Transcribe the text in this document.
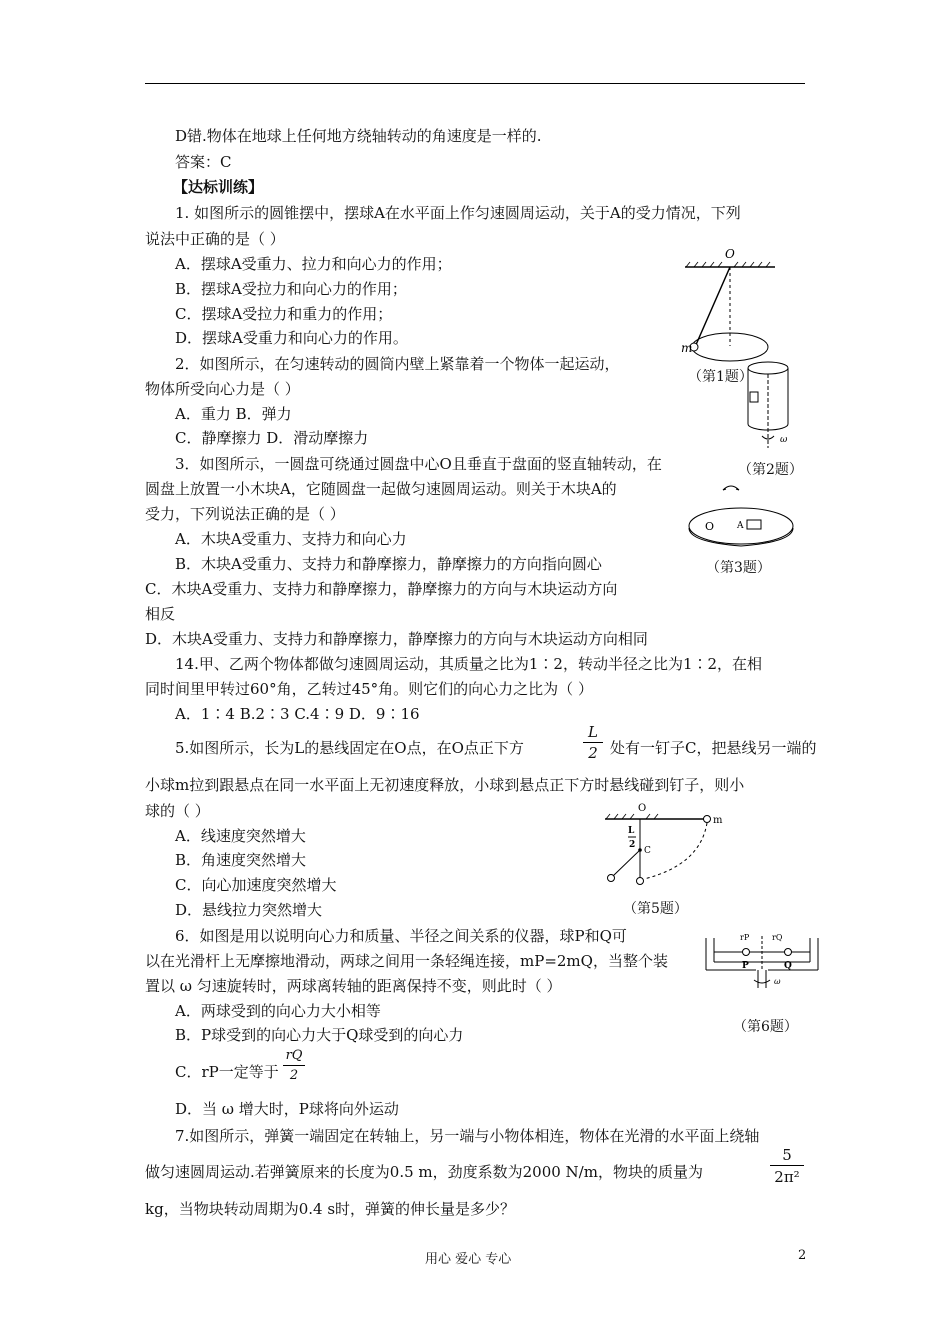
D错.物体在地球上任何地方绕轴转动的角速度是一样的.
答案：C
【达标训练】
1. 如图所示的圆锥摆中，摆球A在水平面上作匀速圆周运动，关于A的受力情况，下列
说法中正确的是（ ）
A．摆球A受重力、拉力和向心力的作用；
B．摆球A受拉力和向心力的作用；
C．摆球A受拉力和重力的作用；
D．摆球A受重力和向心力的作用。
2．如图所示，在匀速转动的圆筒内壁上紧靠着一个物体一起运动，
物体所受向心力是（ ）
A．重力 B．弹力
C．静摩擦力 D．滑动摩擦力
3．如图所示，一圆盘可绕通过圆盘中心O且垂直于盘面的竖直轴转动，在
圆盘上放置一小木块A，它随圆盘一起做匀速圆周运动。则关于木块A的
受力，下列说法正确的是（ ）
A．木块A受重力、支持力和向心力
B．木块A受重力、支持力和静摩擦力，静摩擦力的方向指向圆心
C．木块A受重力、支持力和静摩擦力，静摩擦力的方向与木块运动方向
相反
D．木块A受重力、支持力和静摩擦力，静摩擦力的方向与木块运动方向相同
14.甲、乙两个物体都做匀速圆周运动，其质量之比为1∶2，转动半径之比为1∶2，在相
同时间里甲转过60°角，乙转过45°角。则它们的向心力之比为（ ）
A．1∶4 B.2∶3 C.4∶9 D．9∶16
5.如图所示，长为L的悬线固定在O点，在O点正下方	$\frac{L}{2}$ 处有一钉子C，把悬线另一端的
小球m拉到跟悬点在同一水平面上无初速度释放，小球到悬点正下方时悬线碰到钉子，则小
球的（ ）
A．线速度突然增大
B．角速度突然增大
C．向心加速度突然增大
D．悬线拉力突然增大
6．如图是用以说明向心力和质量、半径之间关系的仪器，球P和Q可
以在光滑杆上无摩擦地滑动，两球之间用一条轻绳连接，mP=2mQ，当整个装
置以 ω 匀速旋转时，两球离转轴的距离保持不变，则此时（ ）
A．两球受到的向心力大小相等
B．P球受到的向心力大于Q球受到的向心力
C．rP一定等于 $\frac{rQ}{2}$
D．当 ω 增大时，P球将向外运动
7.如图所示，弹簧一端固定在转轴上，另一端与小物体相连，物体在光滑的水平面上绕轴
做匀速圆周运动.若弹簧原来的长度为0.5 m，劲度系数为2000 N/m，物块的质量为	$\frac{5}{\text{2π²}}$
kg，当物块转动周期为0.4 s时，弹簧的伸长量是多少？
O
m
（第1题）
ω
（第2题）
O	A
（第3题）
O
m
L
2
C
（第5题）
rP	rQ
P	Q
ω
（第6题）
用心 爱心 专心	2
